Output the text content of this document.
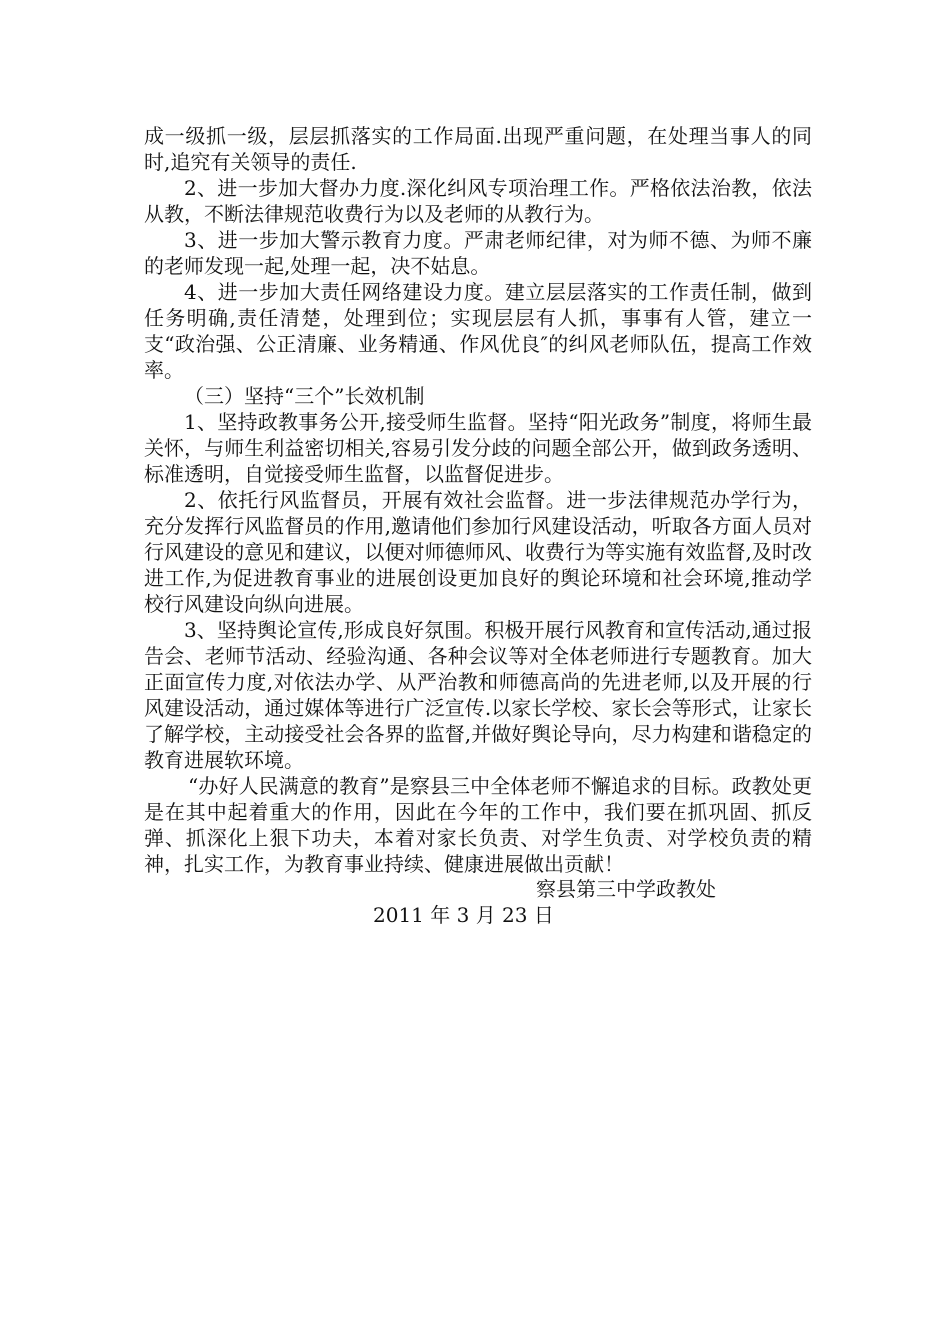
成一级抓一级，层层抓落实的工作局面.出现严重问题，在处理当事人的同时,追究有关领导的责任.

2、进一步加大督办力度.深化纠风专项治理工作。严格依法治教，依法从教，不断法律规范收费行为以及老师的从教行为。

3、进一步加大警示教育力度。严肃老师纪律，对为师不德、为师不廉的老师发现一起,处理一起，决不姑息。

4、进一步加大责任网络建设力度。建立层层落实的工作责任制，做到任务明确,责任清楚，处理到位；实现层层有人抓，事事有人管，建立一支“政治强、公正清廉、业务精通、作风优良″的纠风老师队伍，提高工作效率。

（三）坚持“三个”长效机制

1、坚持政教事务公开,接受师生监督。坚持“阳光政务”制度，将师生最关怀，与师生利益密切相关,容易引发分歧的问题全部公开，做到政务透明、标准透明，自觉接受师生监督，以监督促进步。

2、依托行风监督员，开展有效社会监督。进一步法律规范办学行为，充分发挥行风监督员的作用,邀请他们参加行风建设活动，听取各方面人员对行风建设的意见和建议，以便对师德师风、收费行为等实施有效监督,及时改进工作,为促进教育事业的进展创设更加良好的舆论环境和社会环境,推动学校行风建设向纵向进展。

3、坚持舆论宣传,形成良好氛围。积极开展行风教育和宣传活动,通过报告会、老师节活动、经验沟通、各种会议等对全体老师进行专题教育。加大正面宣传力度,对依法办学、从严治教和师德高尚的先进老师,以及开展的行风建设活动，通过媒体等进行广泛宣传.以家长学校、家长会等形式，让家长了解学校，主动接受社会各界的监督,并做好舆论导向，尽力构建和谐稳定的教育进展软环境。

“办好人民满意的教育”是察县三中全体老师不懈追求的目标。政教处更是在其中起着重大的作用，因此在今年的工作中，我们要在抓巩固、抓反弹、抓深化上狠下功夫，本着对家长负责、对学生负责、对学校负责的精神，扎实工作，为教育事业持续、健康进展做出贡献！

察县第三中学政教处
2011 年 3 月 23 日
